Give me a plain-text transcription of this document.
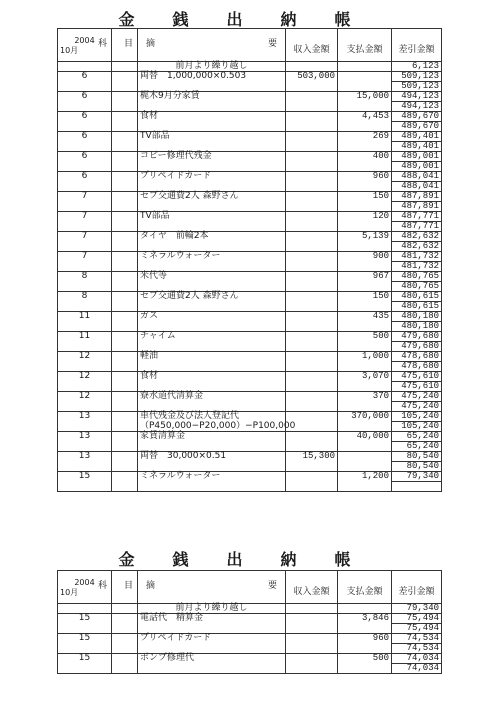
金　銭　出　納　帳
2004
10月	科 目	摘 要	収入金額	支払金額	差引金額
		前月より繰り越し			6,123
6		両替　1,000,000×0.503	503,000		509,123
					509,123
6		梶木9月分家賃		15,000	494,123
					494,123
6		食材		4,453	489,670
					489,670
6		TV部品		269	489,401
					489,401
6		コピー修理代残金		400	489,001
					489,001
6		プリペイドカード		960	488,041
					488,041
7		セブ交通費2人 森野さん		150	487,891
					487,891
7		TV部品		120	487,771
					487,771
7		タイヤ　前輪2本		5,139	482,632
					482,632
7		ミネラルウォーター		900	481,732
					481,732
8		米代等		967	480,765
					480,765
8		セブ交通費2人 森野さん		150	480,615
					480,615
11		ガス		435	480,180
					480,180
11		チャイム		500	479,680
					479,680
12		軽油		1,000	478,680
					478,680
12		食材		3,070	475,610
					475,610
12		寮水道代清算金		370	475,240
					475,240
13		車代残金及び法人登記代		370,000	105,240
		（P450,000−P20,000）−P100,000			105,240
13		家賃清算金		40,000	65,240
					65,240
13		両替　30,000×0.51	15,300		80,540
					80,540
15		ミネラルウォーター		1,200	79,340

金　銭　出　納　帳
2004
10月	科 目	摘 要	収入金額	支払金額	差引金額
		前月より繰り越し			79,340
15		電話代　精算金		3,846	75,494
					75,494
15		プリペイドカード		960	74,534
					74,534
15		ポンプ修理代		500	74,034
					74,034
